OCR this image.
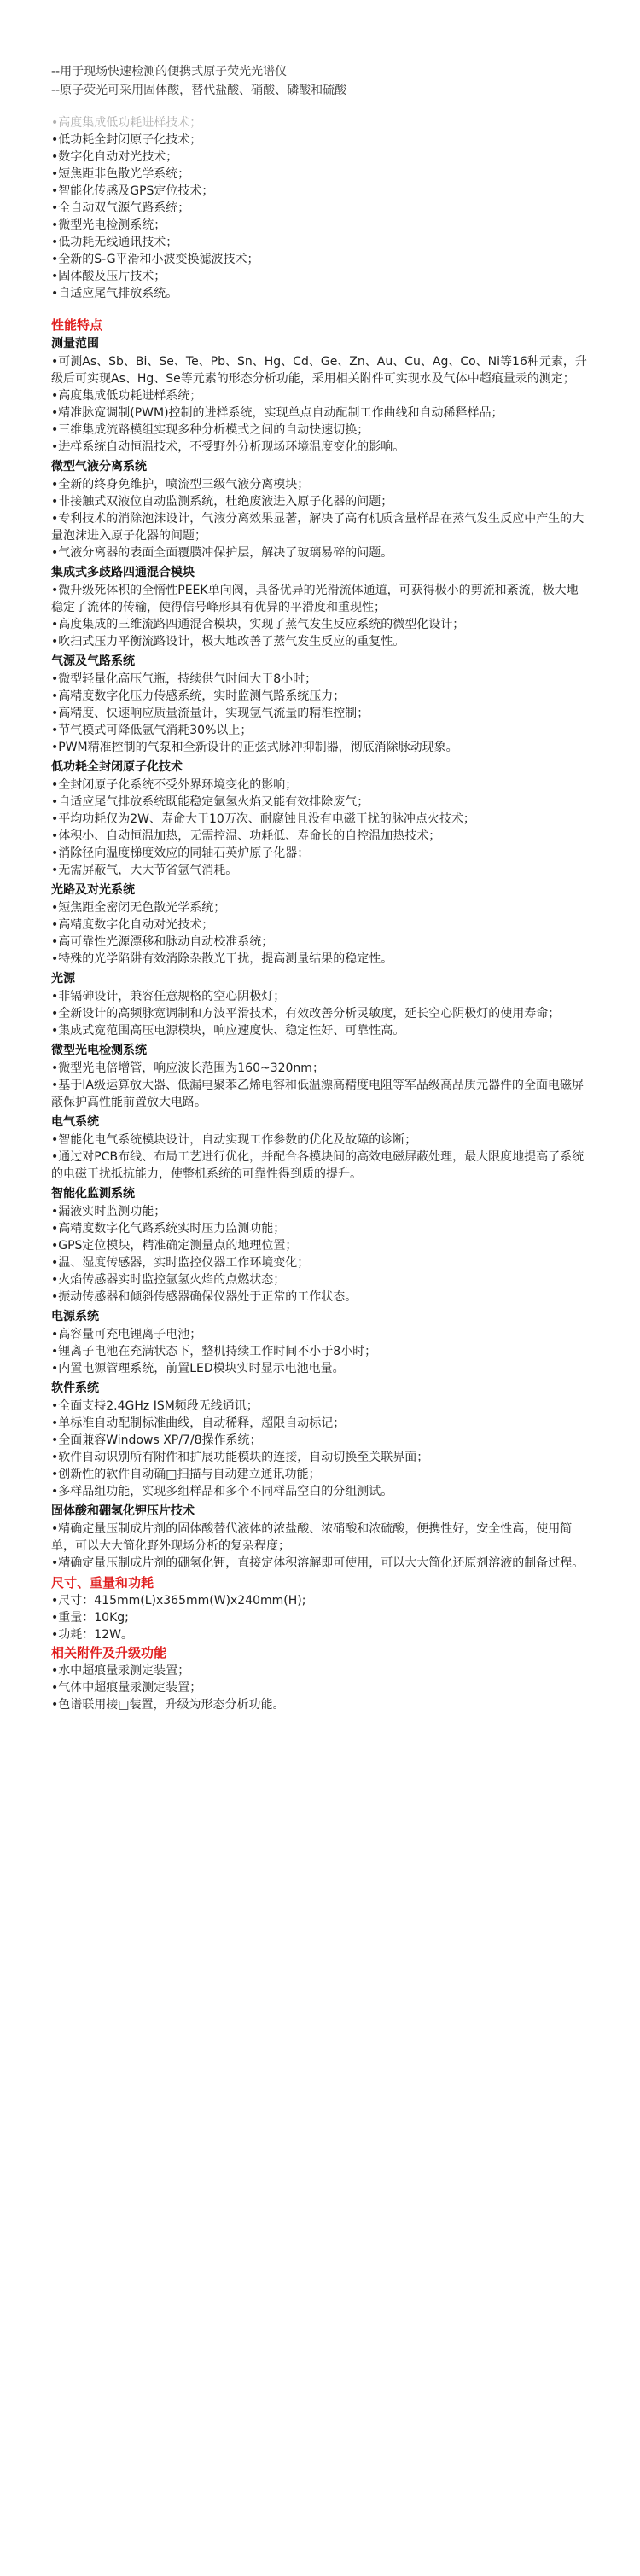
--用于现场快速检测的便携式原子荧光光谱仪
--原子荧光可采用固体酸，替代盐酸、硝酸、磷酸和硫酸
•高度集成低功耗进样技术；
•低功耗全封闭原子化技术；
•数字化自动对光技术；
•短焦距非色散光学系统；
•智能化传感及GPS定位技术；
•全自动双气源气路系统；
•微型光电检测系统；
•低功耗无线通讯技术；
•全新的S-G平滑和小波变换滤波技术；
•固体酸及压片技术；
•自适应尾气排放系统。
性能特点
测量范围
•可测As、Sb、Bi、Se、Te、Pb、Sn、Hg、Cd、Ge、Zn、Au、Cu、Ag、Co、Ni等16种元素，升级后可实现As、Hg、Se等元素的形态分析功能，采用相关附件可实现水及气体中超痕量汞的测定；
•高度集成低功耗进样系统；
•精准脉宽调制(PWM)控制的进样系统，实现单点自动配制工作曲线和自动稀释样品；
•三维集成流路模组实现多种分析模式之间的自动快速切换；
•进样系统自动恒温技术，不受野外分析现场环境温度变化的影响。
微型气液分离系统
•全新的终身免维护，喷流型三级气液分离模块；
•非接触式双液位自动监测系统，杜绝废液进入原子化器的问题；
•专利技术的消除泡沫设计，气液分离效果显著，解决了高有机质含量样品在蒸气发生反应中产生的大量泡沫进入原子化器的问题；
•气液分离器的表面全面覆膜冲保护层，解决了玻璃易碎的问题。
集成式多歧路四通混合模块
•微升级死体积的全惰性PEEK单向阀，具备优异的光滑流体通道，可获得极小的剪流和紊流，极大地稳定了流体的传输，使得信号峰形具有优异的平滑度和重现性；
•高度集成的三维流路四通混合模块，实现了蒸气发生反应系统的微型化设计；
•吹扫式压力平衡流路设计，极大地改善了蒸气发生反应的重复性。
气源及气路系统
•微型轻量化高压气瓶，持续供气时间大于8小时；
•高精度数字化压力传感系统，实时监测气路系统压力；
•高精度、快速响应质量流量计，实现氩气流量的精准控制；
•节气模式可降低氩气消耗30%以上；
•PWM精准控制的气泵和全新设计的正弦式脉冲抑制器，彻底消除脉动现象。
低功耗全封闭原子化技术
•全封闭原子化系统不受外界环境变化的影响；
•自适应尾气排放系统既能稳定氩氢火焰又能有效排除废气；
•平均功耗仅为2W、寿命大于10万次、耐腐蚀且没有电磁干扰的脉冲点火技术；
•体积小、自动恒温加热，无需控温、功耗低、寿命长的自控温加热技术；
•消除径向温度梯度效应的同轴石英炉原子化器；
•无需屏蔽气，大大节省氩气消耗。
光路及对光系统
•短焦距全密闭无色散光学系统；
•高精度数字化自动对光技术；
•高可靠性光源漂移和脉动自动校准系统；
•特殊的光学陷阱有效消除杂散光干扰，提高测量结果的稳定性。
光源
•非镉砷设计，兼容任意规格的空心阴极灯；
•全新设计的高频脉宽调制和方波平滑技术，有效改善分析灵敏度，延长空心阴极灯的使用寿命；
•集成式宽范围高压电源模块，响应速度快、稳定性好、可靠性高。
微型光电检测系统
•微型光电倍增管，响应波长范围为160~320nm；
•基于IA级运算放大器、低漏电聚苯乙烯电容和低温漂高精度电阻等军品级高品质元器件的全面电磁屏蔽保护高性能前置放大电路。
电气系统
•智能化电气系统模块设计，自动实现工作参数的优化及故障的诊断；
•通过对PCB布线、布局工艺进行优化，并配合各模块间的高效电磁屏蔽处理，最大限度地提高了系统的电磁干扰抵抗能力，使整机系统的可靠性得到质的提升。
智能化监测系统
•漏液实时监测功能；
•高精度数字化气路系统实时压力监测功能；
•GPS定位模块，精准确定测量点的地理位置；
•温、湿度传感器，实时监控仪器工作环境变化；
•火焰传感器实时监控氩氢火焰的点燃状态；
•振动传感器和倾斜传感器确保仪器处于正常的工作状态。
电源系统
•高容量可充电锂离子电池；
•锂离子电池在充满状态下，整机持续工作时间不小于8小时；
•内置电源管理系统，前置LED模块实时显示电池电量。
软件系统
•全面支持2.4GHz ISM频段无线通讯；
•单标准自动配制标准曲线，自动稀释，超限自动标记；
•全面兼容Windows XP/7/8操作系统；
•软件自动识别所有附件和扩展功能模块的连接，自动切换至关联界面；
•创新性的软件自动确□扫描与自动建立通讯功能；
•多样品组功能，实现多组样品和多个不同样品空白的分组测试。
固体酸和硼氢化钾压片技术
•精确定量压制成片剂的固体酸替代液体的浓盐酸、浓硝酸和浓硫酸，便携性好，安全性高，使用简单，可以大大简化野外现场分析的复杂程度；
•精确定量压制成片剂的硼氢化钾，直接定体积溶解即可使用，可以大大简化还原剂溶液的制备过程。
尺寸、重量和功耗
•尺寸：415mm(L)x365mm(W)x240mm(H);
•重量：10Kg;
•功耗：12W。
相关附件及升级功能
•水中超痕量汞测定装置；
•气体中超痕量汞测定装置；
•色谱联用接□装置，升级为形态分析功能。
